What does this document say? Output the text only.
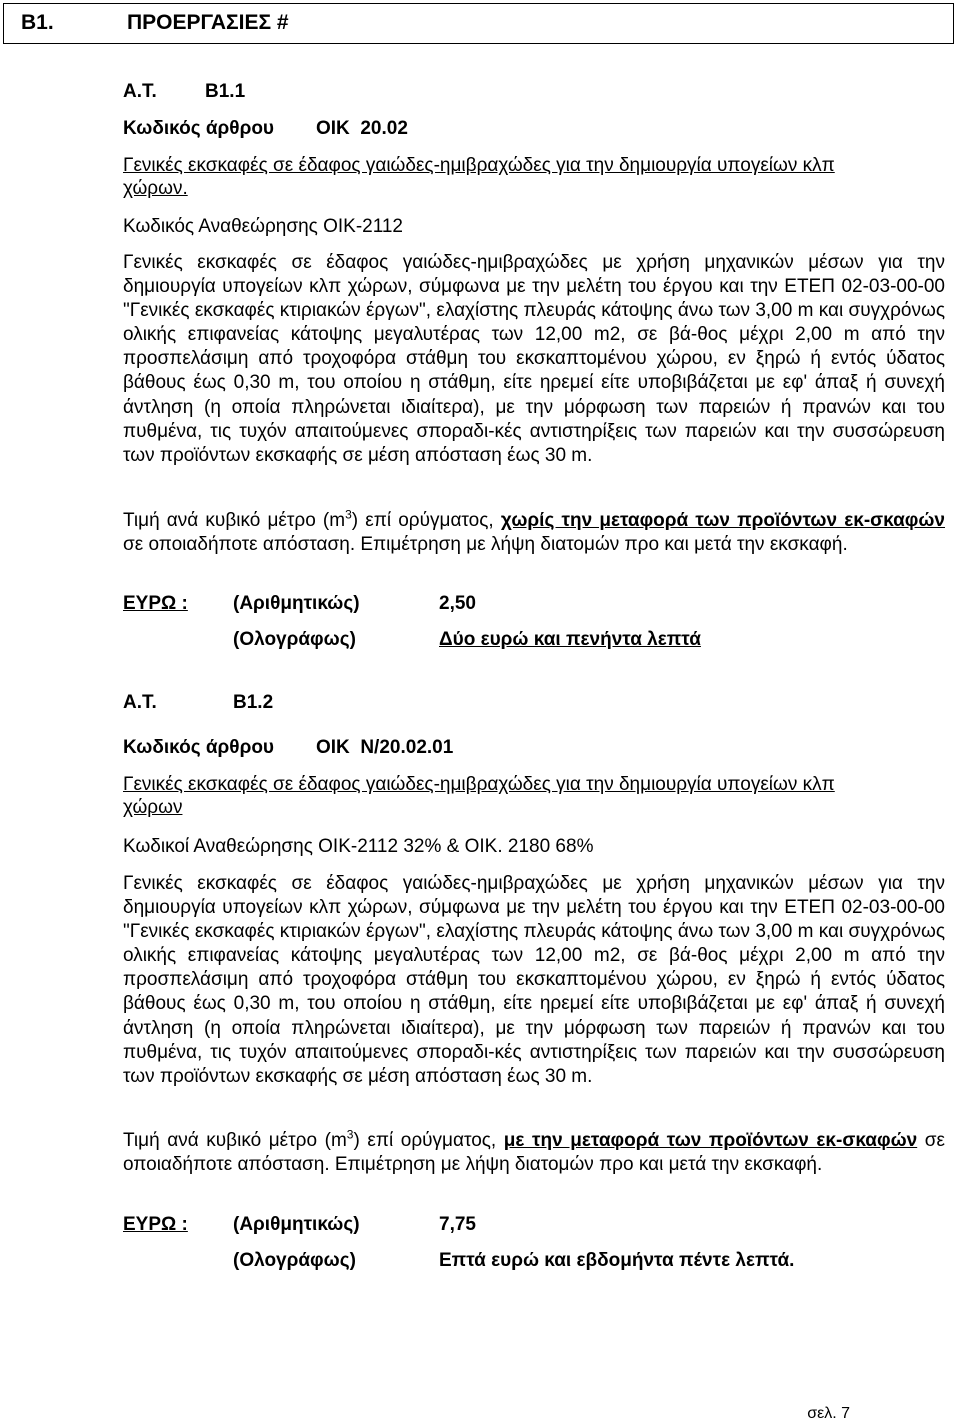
Β1.	ΠΡΟΕΡΓΑΣΙΕΣ #
Α.Τ.	Β1.1
Κωδικός άρθρου ΟΙΚ  20.02
Γενικές εκσκαφές σε έδαφος γαιώδες-ημιβραχώδες για την δημιουργία υπογείων κλπ
χώρων.
Κωδικός Αναθεώρησης ΟΙΚ-2112
Γενικές εκσκαφές σε έδαφος γαιώδες-ημιβραχώδες με χρήση μηχανικών μέσων για την δημιουργία υπογείων κλπ χώρων, σύμφωνα με την μελέτη του έργου και την ΕΤΕΠ 02-03-00-00 "Γενικές εκσκαφές κτιριακών έργων", ελαχίστης πλευράς κάτοψης άνω των 3,00 m και συγχρόνως ολικής επιφανείας κάτοψης μεγαλυτέρας των 12,00 m2, σε βά-θος μέχρι 2,00 m από την προσπελάσιμη από τροχοφόρα στάθμη του εκσκαπτομένου χώρου, εν ξηρώ ή εντός ύδατος βάθους έως 0,30 m, του οποίου η στάθμη, είτε ηρεμεί είτε υποβιβάζεται με εφ' άπαξ ή συνεχή άντληση (η οποία πληρώνεται ιδιαίτερα), με την μόρφωση των παρειών ή πρανών και του πυθμένα, τις τυχόν απαιτούμενες σποραδι-κές αντιστηρίξεις των παρειών και την συσσώρευση των προϊόντων εκσκαφής σε μέση απόσταση έως 30 m.
Τιμή ανά κυβικό μέτρο $(m^3)$ επί ορύγματος, χωρίς την μεταφορά των προϊόντων εκ-σκαφών σε οποιαδήποτε απόσταση. Επιμέτρηση με λήψη διατομών προ και μετά την εκσκαφή.
ΕΥΡΩ : (Αριθμητικώς)	2,50
(Ολογράφως)	Δύο ευρώ και πενήντα λεπτά
Α.Τ.	Β1.2
Κωδικός άρθρου ΟΙΚ  Ν/20.02.01
Γενικές εκσκαφές σε έδαφος γαιώδες-ημιβραχώδες για την δημιουργία υπογείων κλπ
χώρων
Κωδικοί Αναθεώρησης ΟΙΚ-2112 32% & ΟΙΚ. 2180 68%
Γενικές εκσκαφές σε έδαφος γαιώδες-ημιβραχώδες με χρήση μηχανικών μέσων για την δημιουργία υπογείων κλπ χώρων, σύμφωνα με την μελέτη του έργου και την ΕΤΕΠ 02-03-00-00 "Γενικές εκσκαφές κτιριακών έργων", ελαχίστης πλευράς κάτοψης άνω των 3,00 m και συγχρόνως ολικής επιφανείας κάτοψης μεγαλυτέρας των 12,00 m2, σε βά-θος μέχρι 2,00 m από την προσπελάσιμη από τροχοφόρα στάθμη του εκσκαπτομένου χώρου, εν ξηρώ ή εντός ύδατος βάθους έως 0,30 m, του οποίου η στάθμη, είτε ηρεμεί είτε υποβιβάζεται με εφ' άπαξ ή συνεχή άντληση (η οποία πληρώνεται ιδιαίτερα), με την μόρφωση των παρειών ή πρανών και του πυθμένα, τις τυχόν απαιτούμενες σποραδι-κές αντιστηρίξεις των παρειών και την συσσώρευση των προϊόντων εκσκαφής σε μέση απόσταση έως 30 m.
Τιμή ανά κυβικό μέτρο $(m^3)$ επί ορύγματος, με την μεταφορά των προϊόντων εκ-σκαφών σε οποιαδήποτε απόσταση. Επιμέτρηση με λήψη διατομών προ και μετά την εκσκαφή.
ΕΥΡΩ : (Αριθμητικώς)	7,75
(Ολογράφως)	Επτά ευρώ και εβδομήντα πέντε λεπτά.
σελ. 7
